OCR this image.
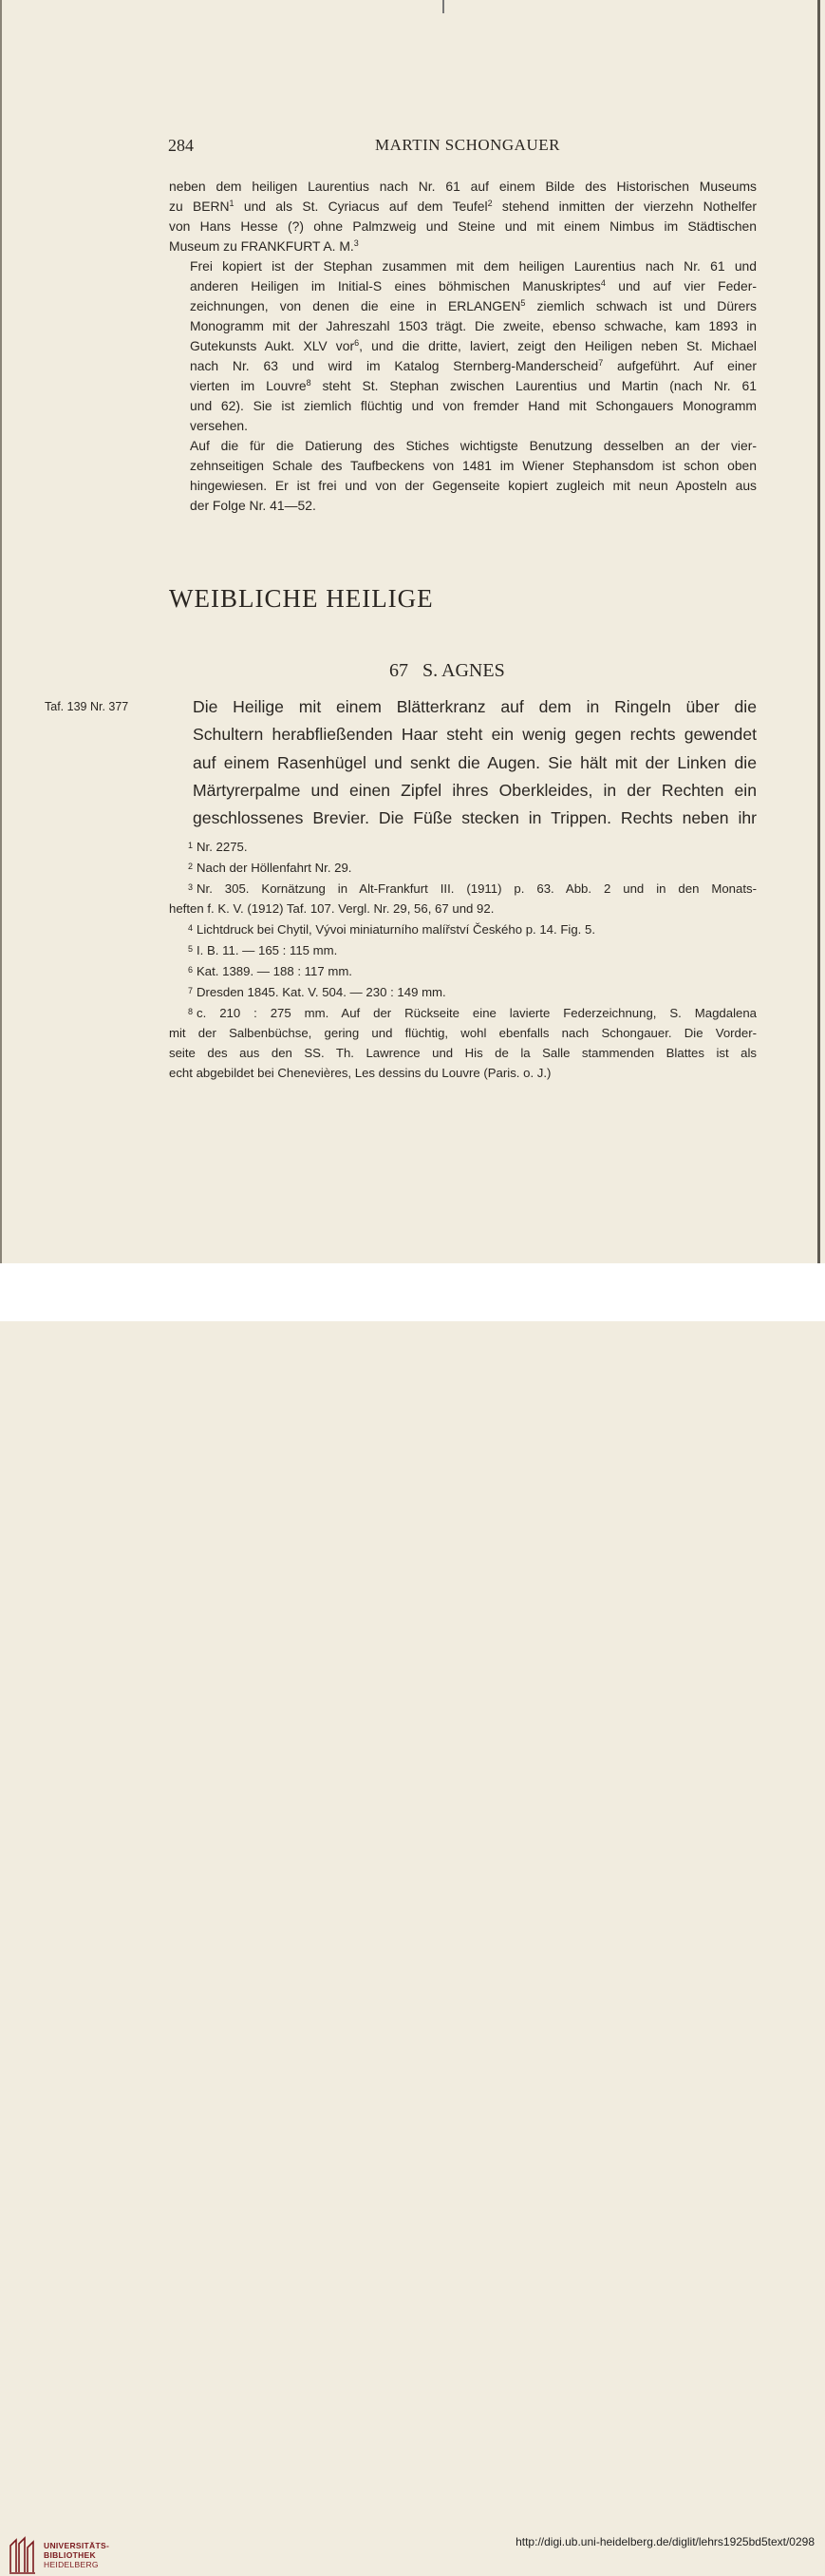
284	MARTIN SCHONGAUER

neben dem heiligen Laurentius nach Nr. 61 auf einem Bilde des Historischen Museums
zu BERN$^1$ und als St. Cyriacus auf dem Teufel$^2$ stehend inmitten der vierzehn Nothelfer
von Hans Hesse (?) ohne Palmzweig und Steine und mit einem Nimbus im Städtischen
Museum zu FRANKFURT A. M.$^3$

Frei kopiert ist der Stephan zusammen mit dem heiligen Laurentius nach Nr. 61 und
anderen Heiligen im Initial-S eines böhmischen Manuskriptes$^4$ und auf vier Feder-
zeichnungen, von denen die eine in ERLANGEN$^5$ ziemlich schwach ist und Dürers
Monogramm mit der Jahreszahl 1503 trägt. Die zweite, ebenso schwache, kam 1893 in
Gutekunsts Aukt. XLV vor$^6$, und die dritte, laviert, zeigt den Heiligen neben St. Michael
nach Nr. 63 und wird im Katalog Sternberg-Manderscheid$^7$ aufgeführt. Auf einer
vierten im Louvre$^8$ steht St. Stephan zwischen Laurentius und Martin (nach Nr. 61
und 62). Sie ist ziemlich flüchtig und von fremder Hand mit Schongauers Monogramm
versehen.

Auf die für die Datierung des Stiches wichtigste Benutzung desselben an der vier-
zehnseitigen Schale des Taufbeckens von 1481 im Wiener Stephansdom ist schon oben
hingewiesen. Er ist frei und von der Gegenseite kopiert zugleich mit neun Aposteln aus
der Folge Nr. 41—52.

WEIBLICHE HEILIGE
67   S. AGNES
Taf. 139 Nr. 377	Die Heilige mit einem Blätterkranz auf dem in Ringeln über die
Schultern herabfließenden Haar steht ein wenig gegen rechts gewendet
auf einem Rasenhügel und senkt die Augen. Sie hält mit der Linken die
Märtyrerpalme und einen Zipfel ihres Oberkleides, in der Rechten ein
geschlossenes Brevier. Die Füße stecken in Trippen. Rechts neben ihr
$^1$ Nr. 2275.
$^2$ Nach der Höllenfahrt Nr. 29.
$^3$ Nr. 305. Kornätzung in Alt-Frankfurt III. (1911) p. 63. Abb. 2 und in den Monats-
heften f. K. V. (1912) Taf. 107. Vergl. Nr. 29, 56, 67 und 92.
$^4$ Lichtdruck bei Chytil, Vývoi miniaturního malířství Českého p. 14. Fig. 5.
$^5$ I. B. 11. — 165 : 115 mm.
$^6$ Kat. 1389. — 188 : 117 mm.
$^7$ Dresden 1845. Kat. V. 504. — 230 : 149 mm.
$^8$ c. 210 : 275 mm. Auf der Rückseite eine lavierte Federzeichnung, S. Magdalena
mit der Salbenbüchse, gering und flüchtig, wohl ebenfalls nach Schongauer. Die Vorder-
seite des aus den SS. Th. Lawrence und His de la Salle stammenden Blattes ist als
echt abgebildet bei Chenevières, Les dessins du Louvre (Paris. o. J.)
UNIVERSITÄTS-
BIBLIOTHEK
HEIDELBERG
http://digi.ub.uni-heidelberg.de/diglit/lehrs1925bd5text/0298
